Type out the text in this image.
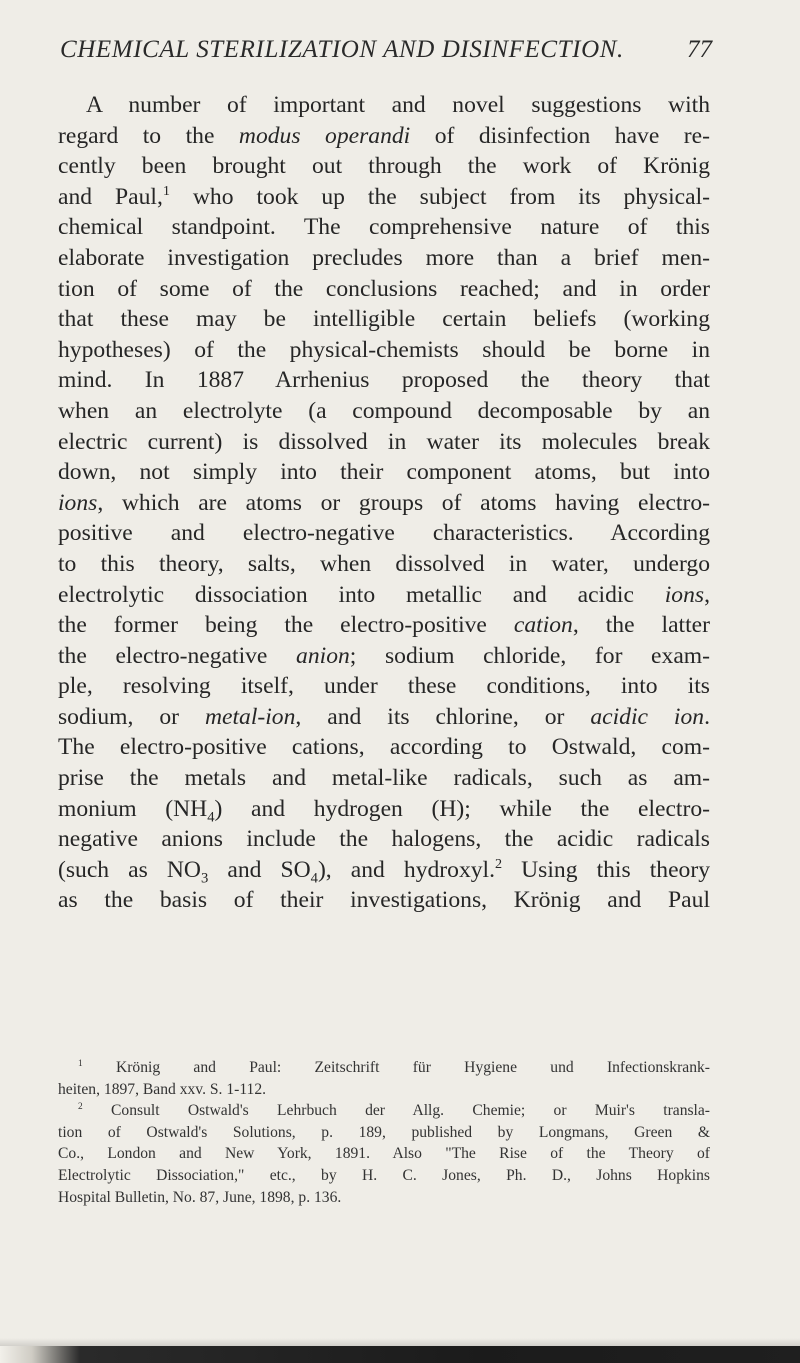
CHEMICAL STERILIZATION AND DISINFECTION.	77
A number of important and novel suggestions with
regard to the modus operandi of disinfection have re-
cently been brought out through the work of Krönig
and Paul,$^1$ who took up the subject from its physical-
chemical standpoint. The comprehensive nature of this
elaborate investigation precludes more than a brief men-
tion of some of the conclusions reached; and in order
that these may be intelligible certain beliefs (working
hypotheses) of the physical-chemists should be borne in
mind. In 1887 Arrhenius proposed the theory that
when an electrolyte (a compound decomposable by an
electric current) is dissolved in water its molecules break
down, not simply into their component atoms, but into
ions, which are atoms or groups of atoms having electro-
positive and electro-negative characteristics. According
to this theory, salts, when dissolved in water, undergo
electrolytic dissociation into metallic and acidic ions,
the former being the electro-positive cation, the latter
the electro-negative anion; sodium chloride, for exam-
ple, resolving itself, under these conditions, into its
sodium, or metal-ion, and its chlorine, or acidic ion.
The electro-positive cations, according to Ostwald, com-
prise the metals and metal-like radicals, such as am-
monium $(NH_4)$ and hydrogen (H); while the electro-
negative anions include the halogens, the acidic radicals
(such as $NO_3$ and $SO_4$), and hydroxyl.$^2$ Using this theory
as the basis of their investigations, Krönig and Paul
$^1$ Krönig and Paul: Zeitschrift für Hygiene und Infectionskrank-
heiten, 1897, Band xxv. S. 1-112.
$^2$ Consult Ostwald's Lehrbuch der Allg. Chemie; or Muir's transla-
tion of Ostwald's Solutions, p. 189, published by Longmans, Green &
Co., London and New York, 1891. Also "The Rise of the Theory of
Electrolytic Dissociation," etc., by H. C. Jones, Ph. D., Johns Hopkins
Hospital Bulletin, No. 87, June, 1898, p. 136.
